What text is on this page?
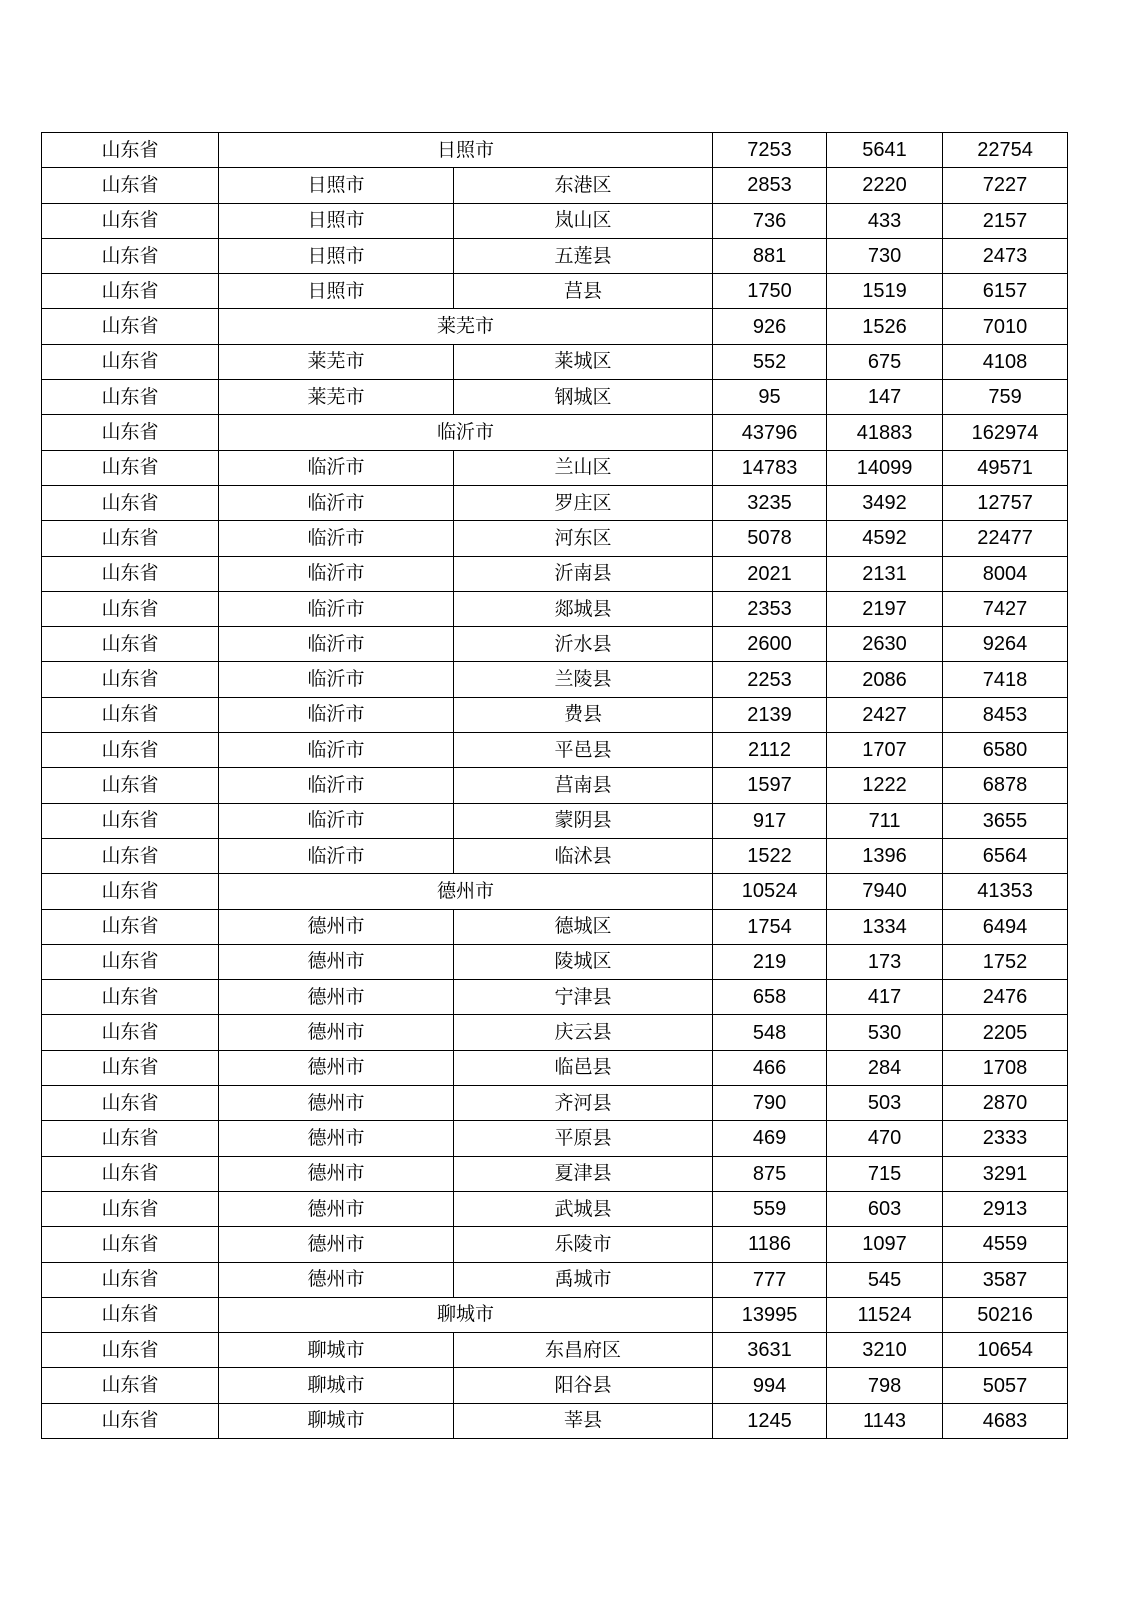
山东省	日照市		7253	5641	22754
山东省	日照市	东港区	2853	2220	7227
山东省	日照市	岚山区	736	433	2157
山东省	日照市	五莲县	881	730	2473
山东省	日照市	莒县	1750	1519	6157
山东省	莱芜市		926	1526	7010
山东省	莱芜市	莱城区	552	675	4108
山东省	莱芜市	钢城区	95	147	759
山东省	临沂市		43796	41883	162974
山东省	临沂市	兰山区	14783	14099	49571
山东省	临沂市	罗庄区	3235	3492	12757
山东省	临沂市	河东区	5078	4592	22477
山东省	临沂市	沂南县	2021	2131	8004
山东省	临沂市	郯城县	2353	2197	7427
山东省	临沂市	沂水县	2600	2630	9264
山东省	临沂市	兰陵县	2253	2086	7418
山东省	临沂市	费县	2139	2427	8453
山东省	临沂市	平邑县	2112	1707	6580
山东省	临沂市	莒南县	1597	1222	6878
山东省	临沂市	蒙阴县	917	711	3655
山东省	临沂市	临沭县	1522	1396	6564
山东省	德州市		10524	7940	41353
山东省	德州市	德城区	1754	1334	6494
山东省	德州市	陵城区	219	173	1752
山东省	德州市	宁津县	658	417	2476
山东省	德州市	庆云县	548	530	2205
山东省	德州市	临邑县	466	284	1708
山东省	德州市	齐河县	790	503	2870
山东省	德州市	平原县	469	470	2333
山东省	德州市	夏津县	875	715	3291
山东省	德州市	武城县	559	603	2913
山东省	德州市	乐陵市	1186	1097	4559
山东省	德州市	禹城市	777	545	3587
山东省	聊城市		13995	11524	50216
山东省	聊城市	东昌府区	3631	3210	10654
山东省	聊城市	阳谷县	994	798	5057
山东省	聊城市	莘县	1245	1143	4683
